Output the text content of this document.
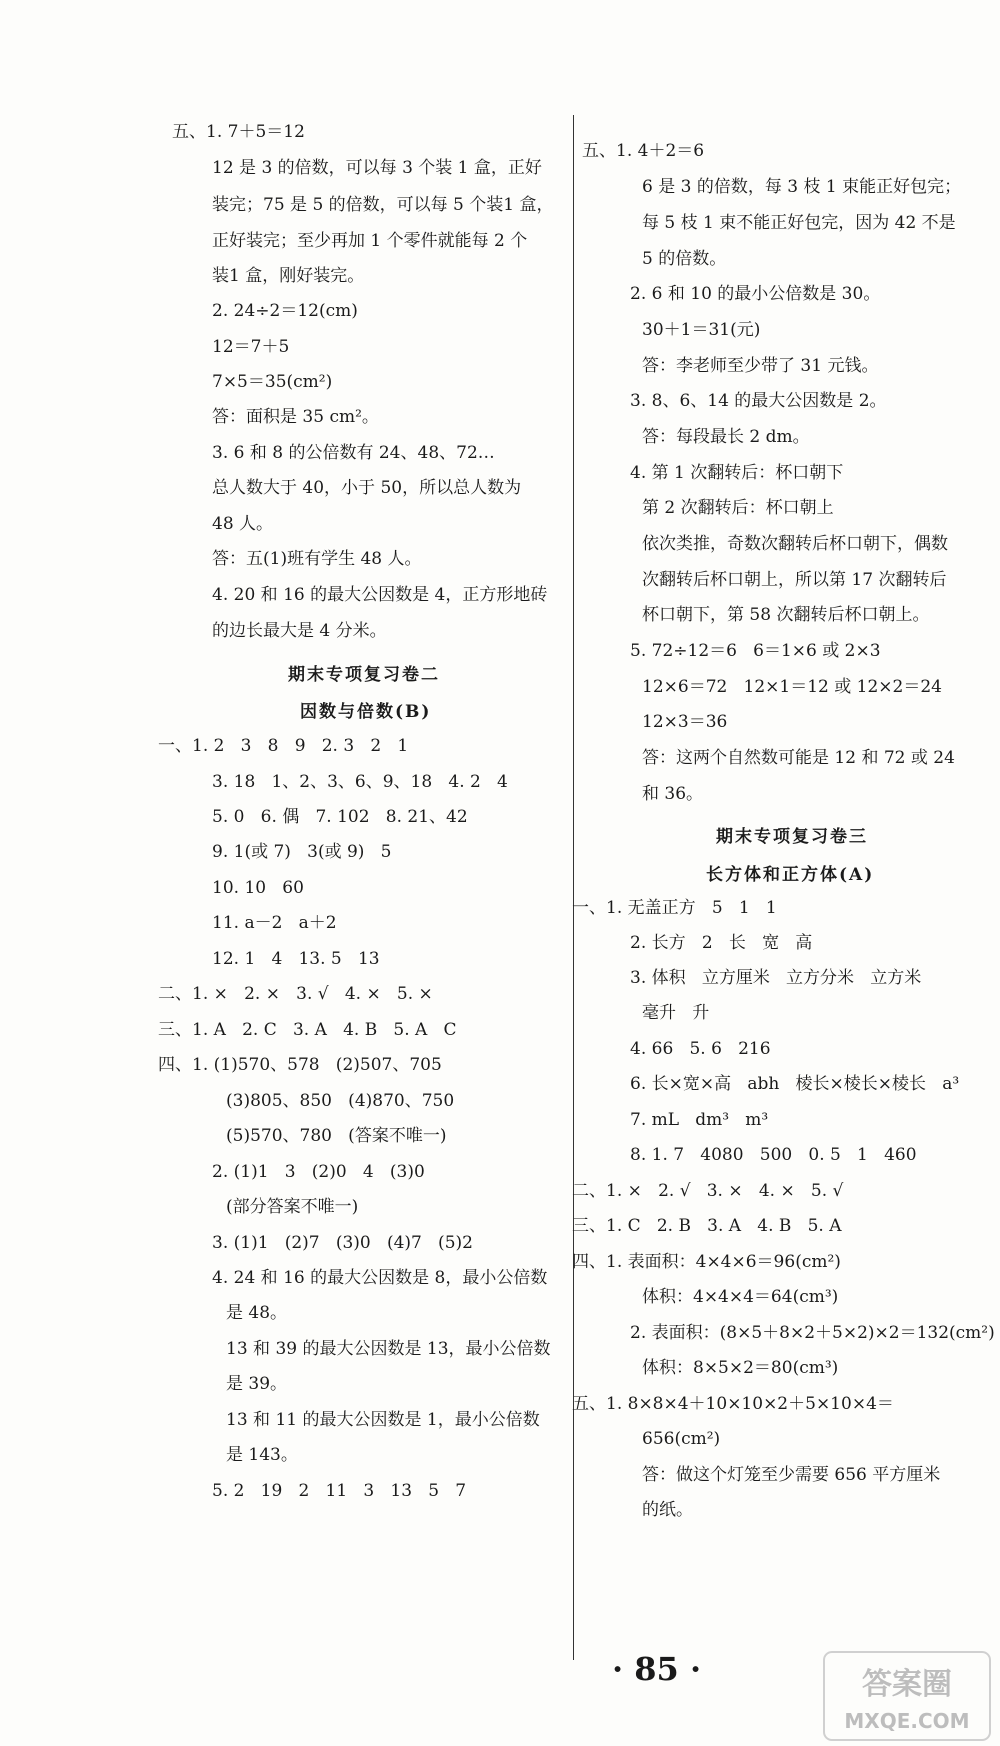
五、1. 7＋5＝12
12 是 3 的倍数，可以每 3 个装 1 盒，正好
装完；75 是 5 的倍数，可以每 5 个装1 盒，
正好装完；至少再加 1 个零件就能每 2 个
装1 盒，刚好装完。
2. 24÷2＝12(cm)
12＝7＋5
7×5＝35(cm²)
答：面积是 35 cm²。
3. 6 和 8 的公倍数有 24、48、72…
总人数大于 40，小于 50，所以总人数为
48 人。
答：五(1)班有学生 48 人。
4. 20 和 16 的最大公因数是 4，正方形地砖
的边长最大是 4 分米。
期末专项复习卷二
因数与倍数(B)
一、1. 2   3   8   9   2. 3   2   1
3. 18   1、2、3、6、9、18   4. 2   4
5. 0   6. 偶   7. 102   8. 21、42
9. 1(或 7)   3(或 9)   5
10. 10   60
11. a－2   a＋2
12. 1   4   13. 5   13
二、1. ×   2. ×   3. √   4. ×   5. ×
三、1. A   2. C   3. A   4. B   5. A   C
四、1. (1)570、578   (2)507、705
(3)805、850   (4)870、750
(5)570、780   (答案不唯一)
2. (1)1   3   (2)0   4   (3)0
(部分答案不唯一)
3. (1)1   (2)7   (3)0   (4)7   (5)2
4. 24 和 16 的最大公因数是 8，最小公倍数
是 48。
13 和 39 的最大公因数是 13，最小公倍数
是 39。
13 和 11 的最大公因数是 1，最小公倍数
是 143。
5. 2   19   2   11   3   13   5   7
五、1. 4＋2＝6
6 是 3 的倍数，每 3 枝 1 束能正好包完；
每 5 枝 1 束不能正好包完，因为 42 不是
5 的倍数。
2. 6 和 10 的最小公倍数是 30。
30＋1＝31(元)
答：李老师至少带了 31 元钱。
3. 8、6、14 的最大公因数是 2。
答：每段最长 2 dm。
4. 第 1 次翻转后：杯口朝下
第 2 次翻转后：杯口朝上
依次类推，奇数次翻转后杯口朝下，偶数
次翻转后杯口朝上，所以第 17 次翻转后
杯口朝下，第 58 次翻转后杯口朝上。
5. 72÷12＝6   6＝1×6 或 2×3
12×6＝72   12×1＝12 或 12×2＝24
12×3＝36
答：这两个自然数可能是 12 和 72 或 24
和 36。
期末专项复习卷三
长方体和正方体(A)
一、1. 无盖正方   5   1   1
2. 长方   2   长   宽   高
3. 体积   立方厘米   立方分米   立方米
毫升   升
4. 66   5. 6   216
6. 长×宽×高   abh   棱长×棱长×棱长   a³
7. mL   dm³   m³
8. 1. 7   4080   500   0. 5   1   460
二、1. ×   2. √   3. ×   4. ×   5. √
三、1. C   2. B   3. A   4. B   5. A
四、1. 表面积：4×4×6＝96(cm²)
体积：4×4×4＝64(cm³)
2. 表面积：(8×5＋8×2＋5×2)×2＝132(cm²)
体积：8×5×2＝80(cm³)
五、1. 8×8×4＋10×10×2＋5×10×4＝
656(cm²)
答：做这个灯笼至少需要 656 平方厘米
的纸。
· 85 ·	答案圈
MXQE.COM
